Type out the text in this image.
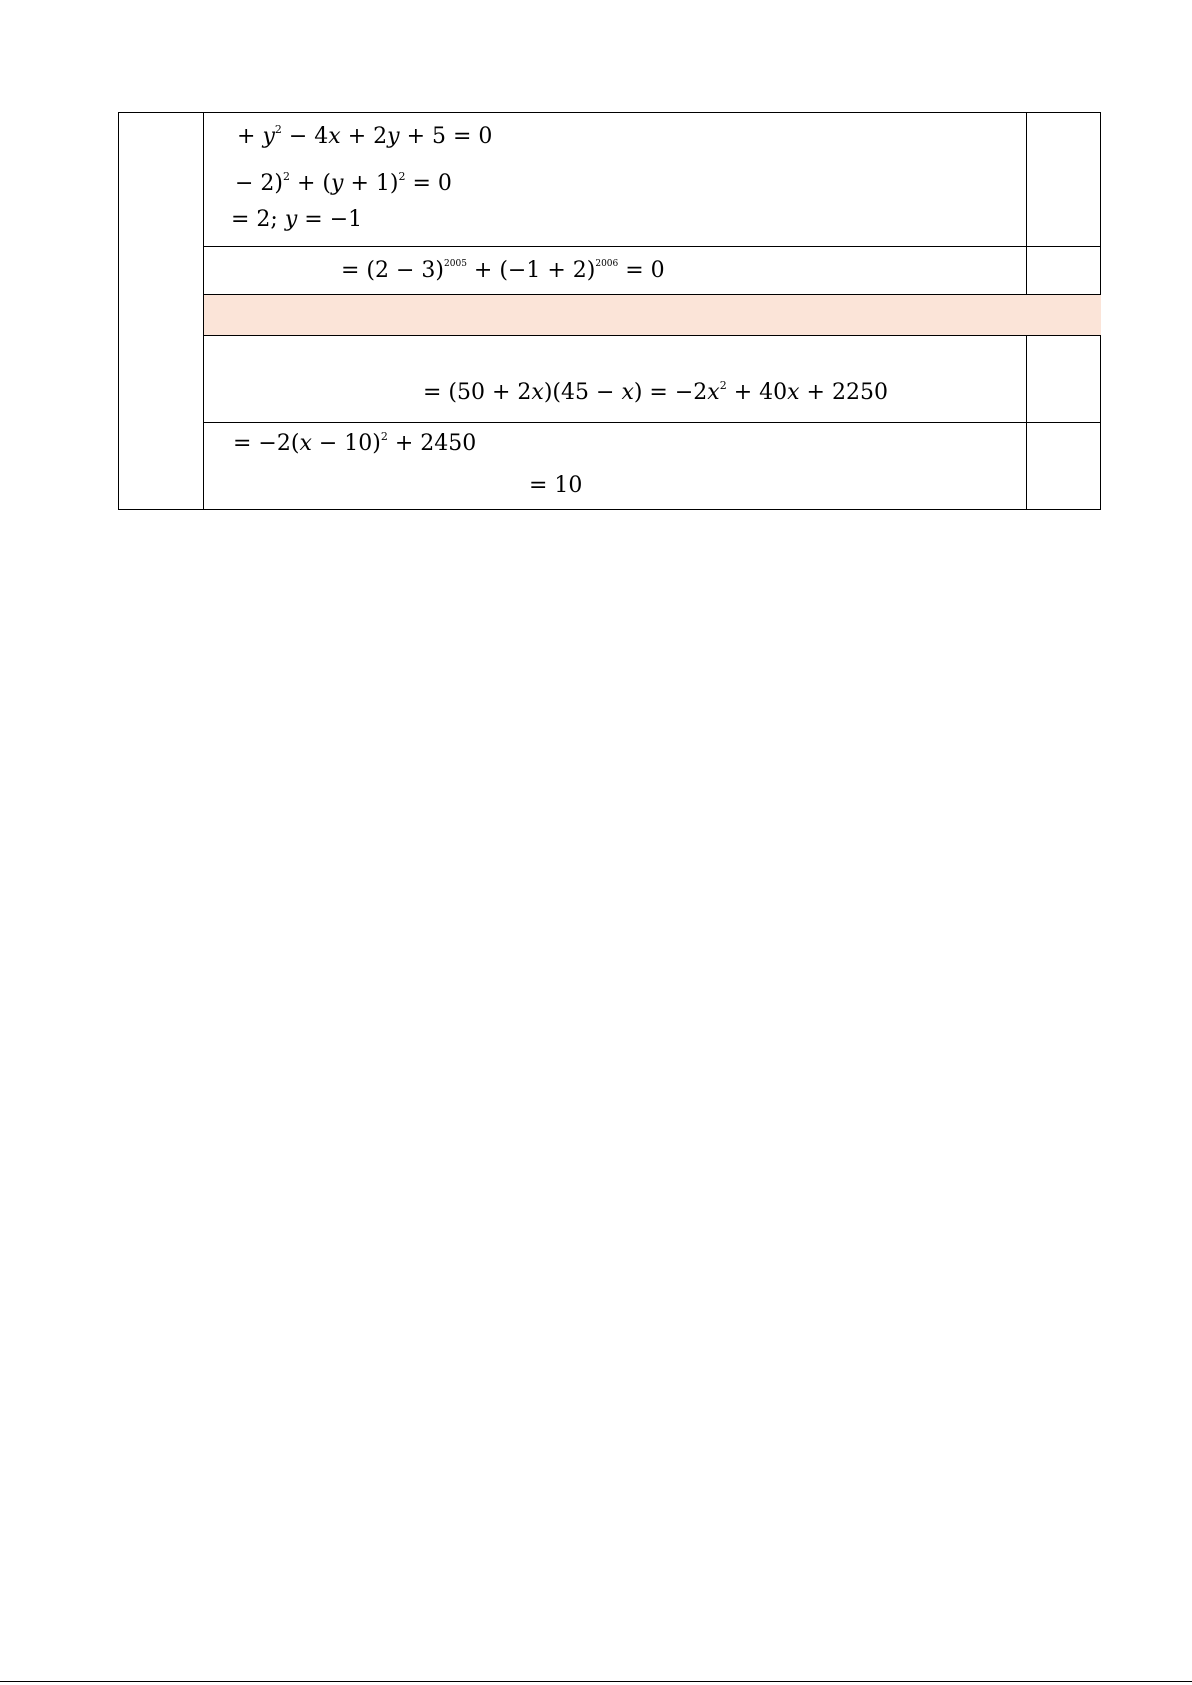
+ $y^2 - 4x + 2y + 5 = 0$
− $2)^2 + (y + 1)^2 = 0$
= 2; y = −1
= $(2 - 3)^{2005} + (-1 + 2)^{2006} = 0$
= $(50 + 2x)(45 - x) = -2x^2 + 40x + 2250$
= $-2(x - 10)^2 + 2450$
= 10
